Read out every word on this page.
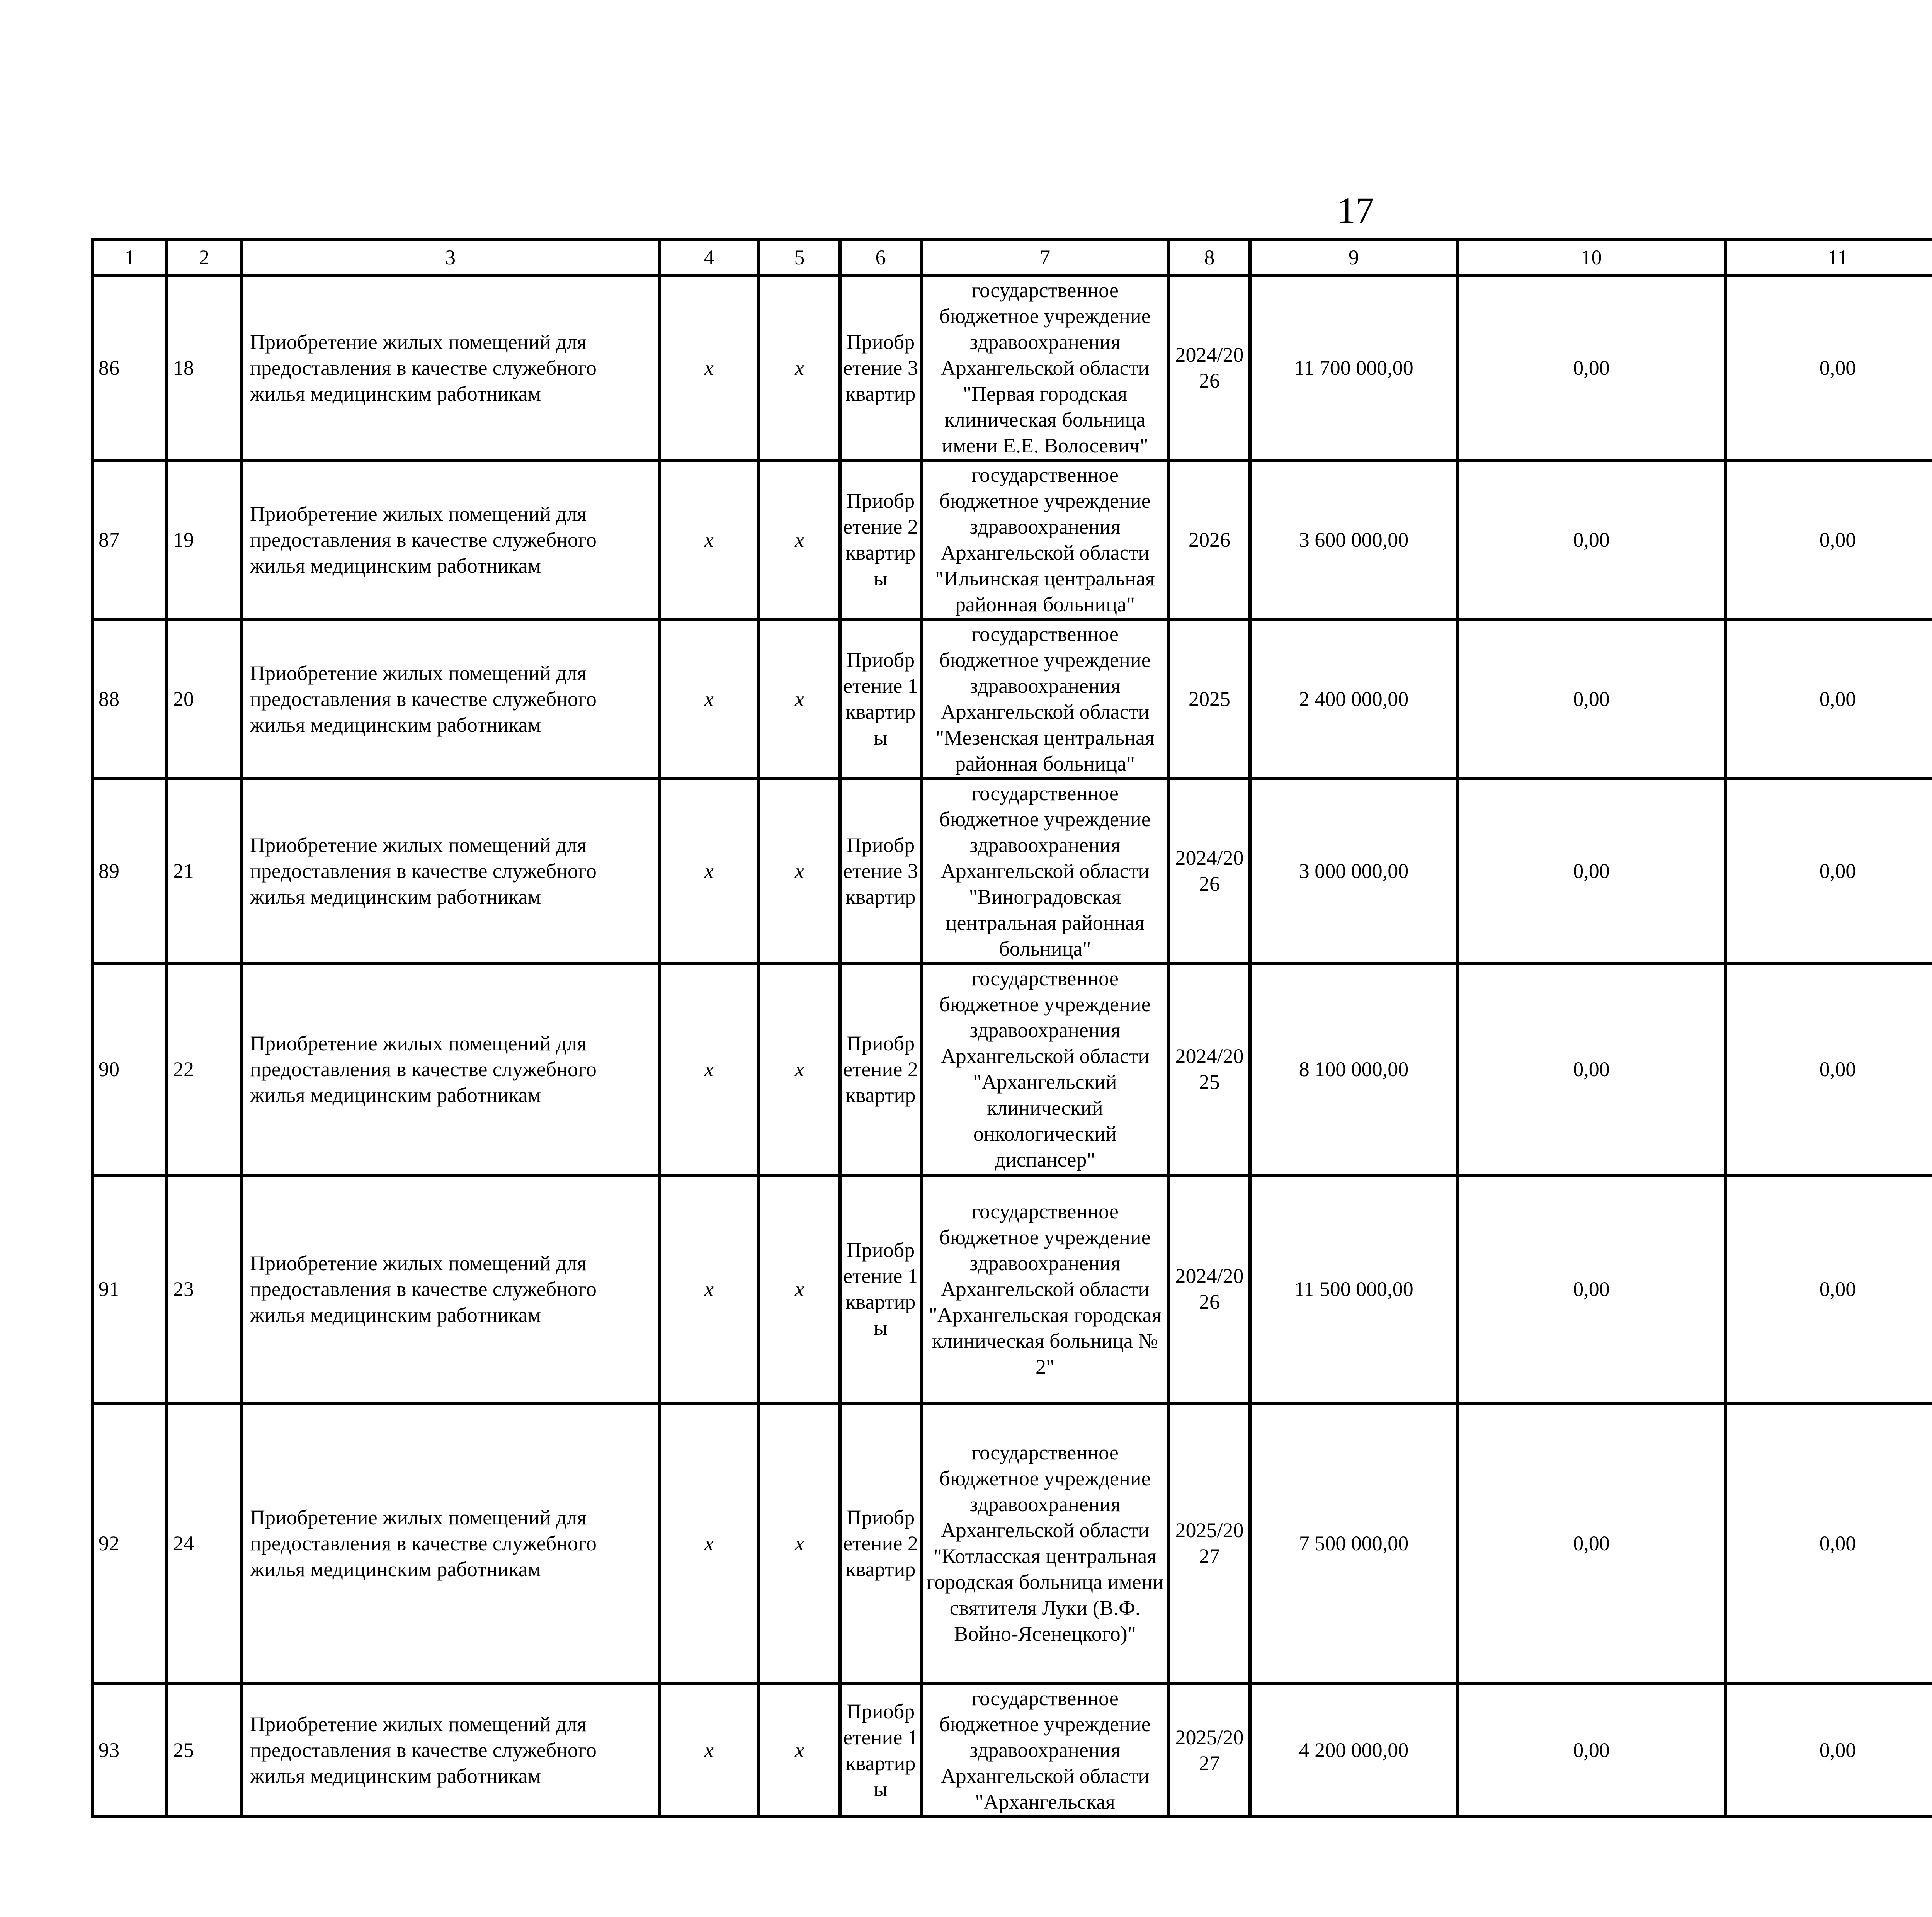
17
1	2	3	4	5	6	7	8	9	10	11			
86	18	Приобретение жилых помещений для предоставления в качестве служебного жилья медицинским работникам	x	x	Приобретение 3 квартир	государственное бюджетное учреждение здравоохранения Архангельской области "Первая городская клиническая больница имени Е.Е. Волосевич"	2024/2026	11 700 000,00	0,00	0,00			
87	19	Приобретение жилых помещений для предоставления в качестве служебного жилья медицинским работникам	x	x	Приобретение 2 квартиры	государственное бюджетное учреждение здравоохранения Архангельской области "Ильинская центральная районная больница"	2026	3 600 000,00	0,00	0,00			
88	20	Приобретение жилых помещений для предоставления в качестве служебного жилья медицинским работникам	x	x	Приобретение 1 квартиры	государственное бюджетное учреждение здравоохранения Архангельской области "Мезенская центральная районная больница"	2025	2 400 000,00	0,00	0,00			
89	21	Приобретение жилых помещений для предоставления в качестве служебного жилья медицинским работникам	x	x	Приобретение 3 квартир	государственное бюджетное учреждение здравоохранения Архангельской области "Виноградовская центральная районная больница"	2024/2026	3 000 000,00	0,00	0,00			
90	22	Приобретение жилых помещений для предоставления в качестве служебного жилья медицинским работникам	x	x	Приобретение 2 квартир	государственное бюджетное учреждение здравоохранения Архангельской области "Архангельский клинический онкологический диспансер"	2024/2025	8 100 000,00	0,00	0,00			
91	23	Приобретение жилых помещений для предоставления в качестве служебного жилья медицинским работникам	x	x	Приобретение 1 квартиры	государственное бюджетное учреждение здравоохранения Архангельской области "Архангельская городская клиническая больница № 2"	2024/2026	11 500 000,00	0,00	0,00			
92	24	Приобретение жилых помещений для предоставления в качестве служебного жилья медицинским работникам	x	x	Приобретение 2 квартир	государственное бюджетное учреждение здравоохранения Архангельской области "Котласская центральная городская больница имени святителя Луки (В.Ф. Войно-Ясенецкого)"	2025/2027	7 500 000,00	0,00	0,00			
93	25	Приобретение жилых помещений для предоставления в качестве служебного жилья медицинским работникам	x	x	Приобретение 1 квартиры	государственное бюджетное учреждение здравоохранения Архангельской области "Архангельская	2025/2027	4 200 000,00	0,00	0,00			
